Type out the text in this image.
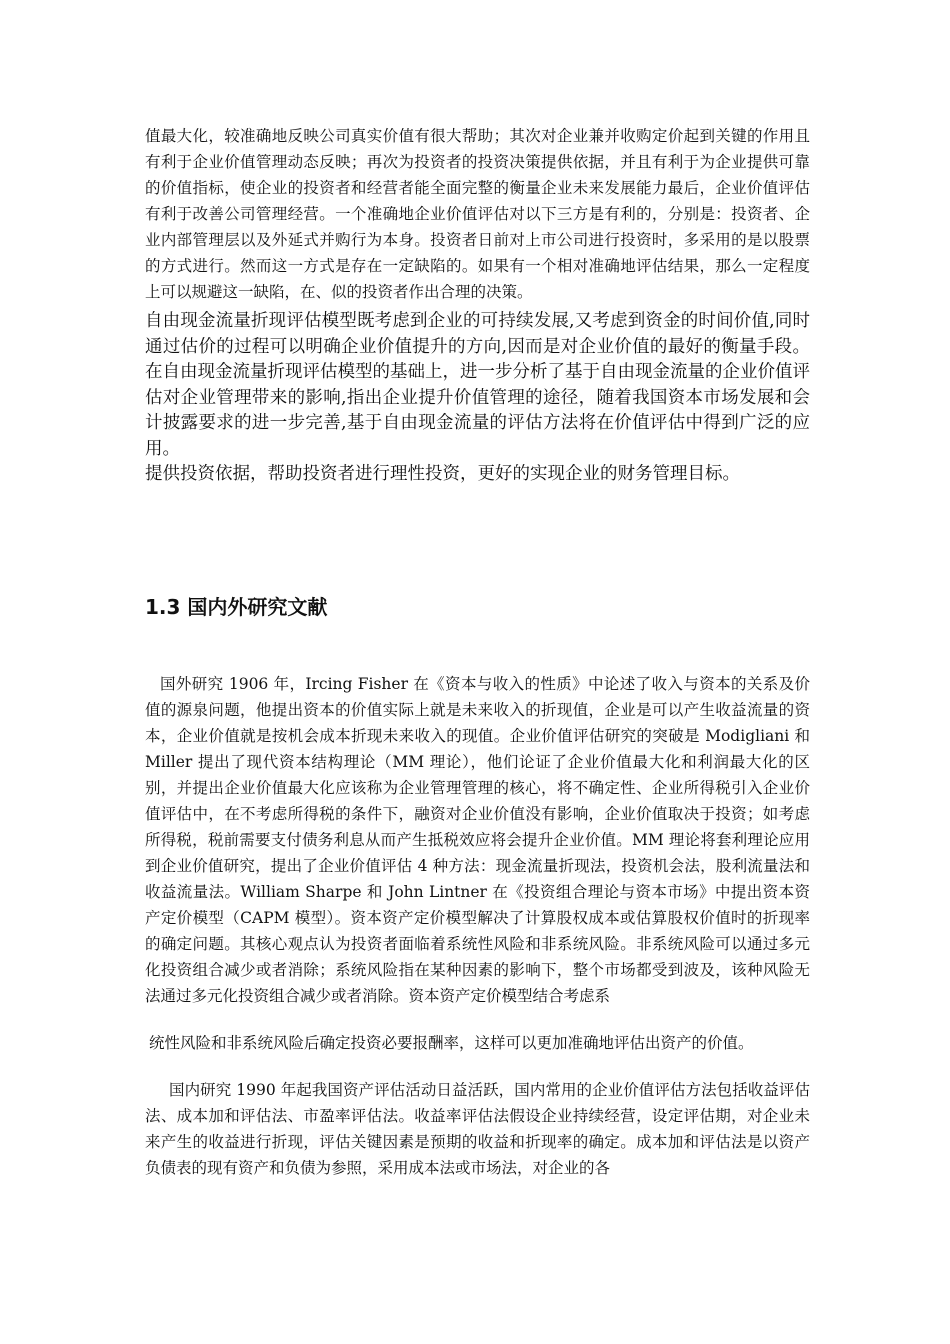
值最大化，较准确地反映公司真实价值有很大帮助；其次对企业兼并收购定价起到关键的作用且有利于企业价值管理动态反映；再次为投资者的投资决策提供依据，并且有利于为企业提供可靠的价值指标，使企业的投资者和经营者能全面完整的衡量企业未来发展能力最后，企业价值评估有利于改善公司管理经营。一个准确地企业价值评估对以下三方是有利的，分别是：投资者、企业内部管理层以及外延式并购行为本身。投资者日前对上市公司进行投资时，多采用的是以股票的方式进行。然而这一方式是存在一定缺陷的。如果有一个相对准确地评估结果，那么一定程度上可以规避这一缺陷，在、似的投资者作出合理的决策。

自由现金流量折现评估模型既考虑到企业的可持续发展,又考虑到资金的时间价值,同时通过估价的过程可以明确企业价值提升的方向,因而是对企业价值的最好的衡量手段。在自由现金流量折现评估模型的基础上，进一步分析了基于自由现金流量的企业价值评估对企业管理带来的影响,指出企业提升价值管理的途径，随着我国资本市场发展和会计披露要求的进一步完善,基于自由现金流量的评估方法将在价值评估中得到广泛的应用。

提供投资依据，帮助投资者进行理性投资，更好的实现企业的财务管理目标。

1.3 国内外研究文献

国外研究 1906 年，Ircing Fisher 在《资本与收入的性质》中论述了收入与资本的关系及价值的源泉问题，他提出资本的价值实际上就是未来收入的折现值，企业是可以产生收益流量的资本，企业价值就是按机会成本折现未来收入的现值。企业价值评估研究的突破是 Modigliani 和 Miller 提出了现代资本结构理论（MM 理论），他们论证了企业价值最大化和利润最大化的区别，并提出企业价值最大化应该称为企业管理管理的核心，将不确定性、企业所得税引入企业价值评估中，在不考虑所得税的条件下，融资对企业价值没有影响，企业价值取决于投资；如考虑所得税，税前需要支付债务利息从而产生抵税效应将会提升企业价值。MM 理论将套利理论应用到企业价值研究，提出了企业价值评估 4 种方法：现金流量折现法，投资机会法，股利流量法和收益流量法。William Sharpe 和 John Lintner 在《投资组合理论与资本市场》中提出资本资产定价模型（CAPM 模型）。资本资产定价模型解决了计算股权成本或估算股权价值时的折现率的确定问题。其核心观点认为投资者面临着系统性风险和非系统风险。非系统风险可以通过多元化投资组合减少或者消除；系统风险指在某种因素的影响下，整个市场都受到波及，该种风险无法通过多元化投资组合减少或者消除。资本资产定价模型结合考虑系

统性风险和非系统风险后确定投资必要报酬率，这样可以更加准确地评估出资产的价值。

国内研究 1990 年起我国资产评估活动日益活跃，国内常用的企业价值评估方法包括收益评估法、成本加和评估法、市盈率评估法。收益率评估法假设企业持续经营，设定评估期，对企业未来产生的收益进行折现，评估关键因素是预期的收益和折现率的确定。成本加和评估法是以资产负债表的现有资产和负债为参照，采用成本法或市场法，对企业的各
